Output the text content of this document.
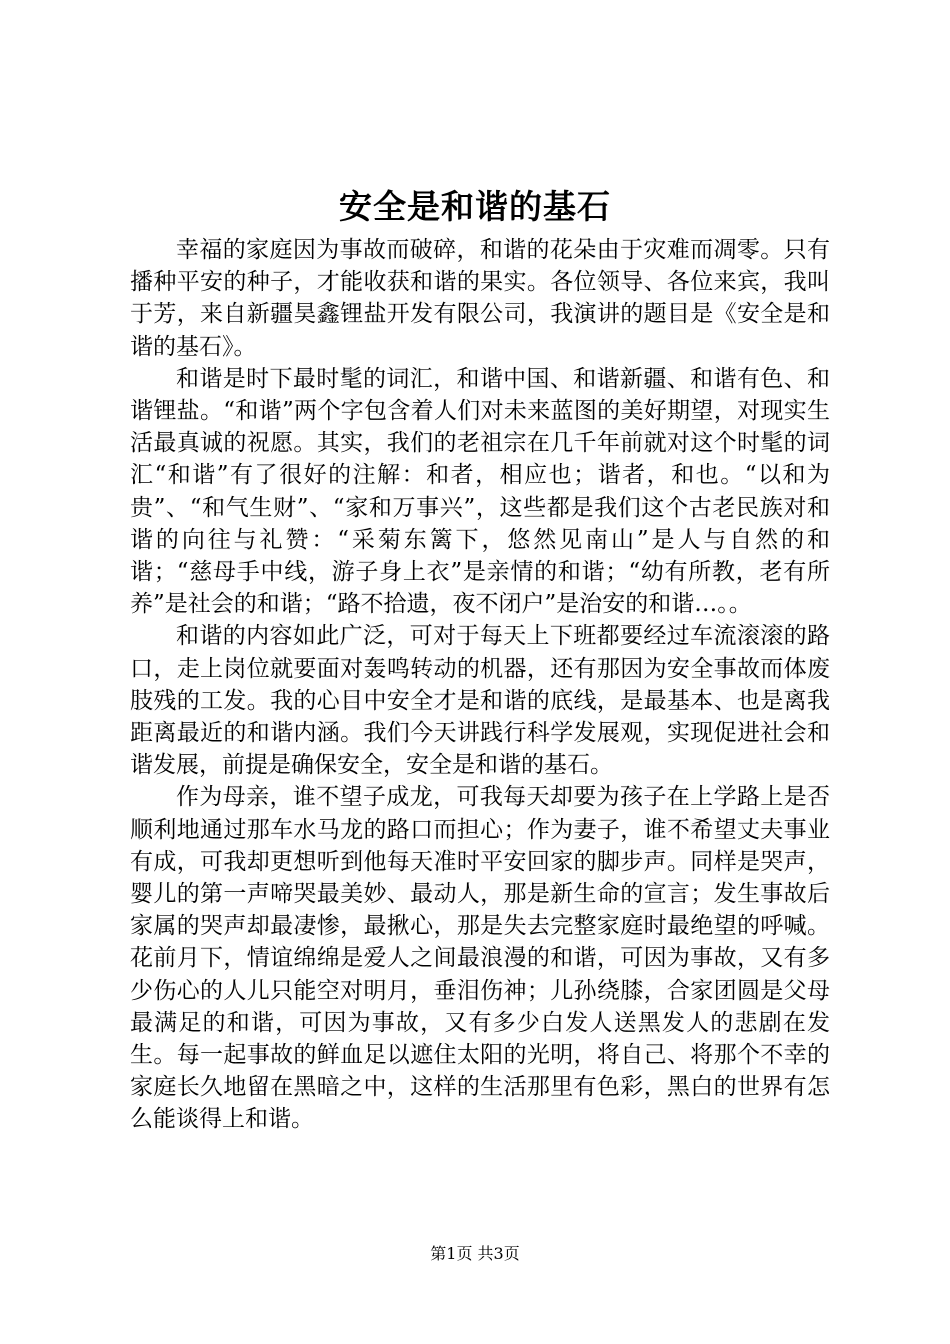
安全是和谐的基石

幸福的家庭因为事故而破碎，和谐的花朵由于灾难而凋零。只有播种平安的种子，才能收获和谐的果实。各位领导、各位来宾，我叫于芳，来自新疆昊鑫锂盐开发有限公司，我演讲的题目是《安全是和谐的基石》。

和谐是时下最时髦的词汇，和谐中国、和谐新疆、和谐有色、和谐锂盐。“和谐”两个字包含着人们对未来蓝图的美好期望，对现实生活最真诚的祝愿。其实，我们的老祖宗在几千年前就对这个时髦的词汇“和谐”有了很好的注解：和者，相应也；谐者，和也。“以和为贵”、“和气生财”、“家和万事兴”，这些都是我们这个古老民族对和谐的向往与礼赞：“采菊东篱下，悠然见南山”是人与自然的和谐；“慈母手中线，游子身上衣”是亲情的和谐；“幼有所教，老有所养”是社会的和谐；“路不拾遗，夜不闭户”是治安的和谐…。。

和谐的内容如此广泛，可对于每天上下班都要经过车流滚滚的路口，走上岗位就要面对轰鸣转动的机器，还有那因为安全事故而体废肢残的工发。我的心目中安全才是和谐的底线，是最基本、也是离我距离最近的和谐内涵。我们今天讲践行科学发展观，实现促进社会和谐发展，前提是确保安全，安全是和谐的基石。

作为母亲，谁不望子成龙，可我每天却要为孩子在上学路上是否顺利地通过那车水马龙的路口而担心；作为妻子，谁不希望丈夫事业有成，可我却更想听到他每天准时平安回家的脚步声。同样是哭声，婴儿的第一声啼哭最美妙、最动人，那是新生命的宣言；发生事故后家属的哭声却最凄惨，最揪心，那是失去完整家庭时最绝望的呼喊。花前月下，情谊绵绵是爱人之间最浪漫的和谐，可因为事故，又有多少伤心的人儿只能空对明月，垂泪伤神；儿孙绕膝，合家团圆是父母最满足的和谐，可因为事故，又有多少白发人送黑发人的悲剧在发生。每一起事故的鲜血足以遮住太阳的光明，将自己、将那个不幸的家庭长久地留在黑暗之中，这样的生活那里有色彩，黑白的世界有怎么能谈得上和谐。

第1页 共3页
